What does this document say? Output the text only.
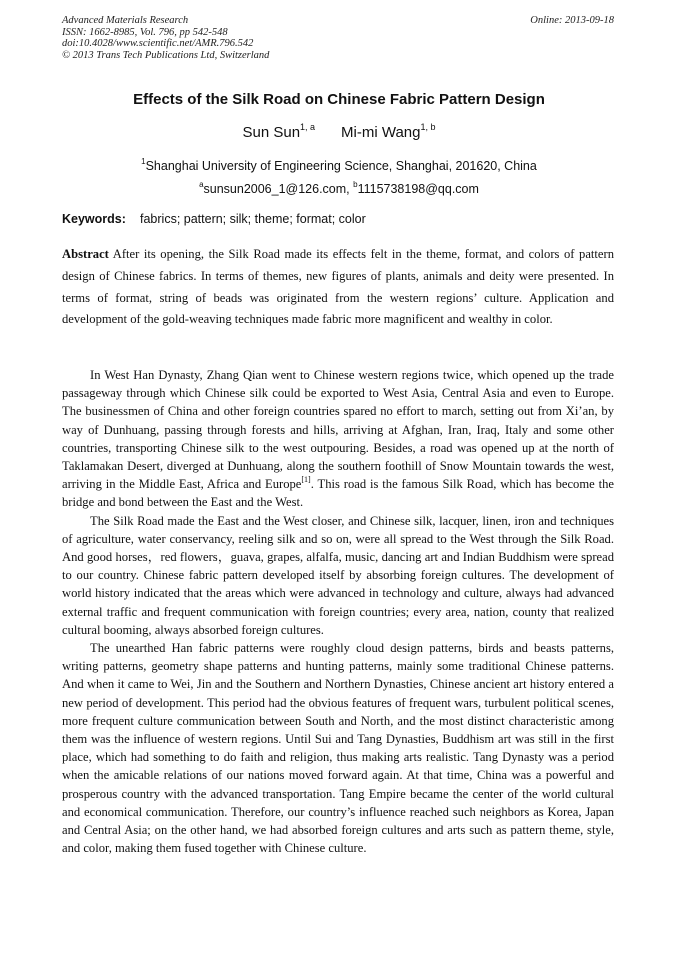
Advanced Materials Research
ISSN: 1662-8985, Vol. 796, pp 542-548
doi:10.4028/www.scientific.net/AMR.796.542
© 2013 Trans Tech Publications Ltd, Switzerland
Online: 2013-09-18
Effects of the Silk Road on Chinese Fabric Pattern Design
Sun Sun$^{1, a}$ Mi-mi Wang$^{1, b}$
$^1$Shanghai University of Engineering Science, Shanghai, 201620, China
$^a$sunsun2006_1@126.com, $^b$1115738198@qq.com
Keywords: fabrics; pattern; silk; theme; format; color
Abstract After its opening, the Silk Road made its effects felt in the theme, format, and colors of pattern design of Chinese fabrics. In terms of themes, new figures of plants, animals and deity were presented. In terms of format, string of beads was originated from the western regions’ culture. Application and development of the gold-weaving techniques made fabric more magnificent and wealthy in color.

In West Han Dynasty, Zhang Qian went to Chinese western regions twice, which opened up the trade passageway through which Chinese silk could be exported to West Asia, Central Asia and even to Europe. The businessmen of China and other foreign countries spared no effort to march, setting out from Xi’an, by way of Dunhuang, passing through forests and hills, arriving at Afghan, Iran, Iraq, Italy and some other countries, transporting Chinese silk to the west outpouring. Besides, a road was opened up at the north of Taklamakan Desert, diverged at Dunhuang, along the southern foothill of Snow Mountain towards the west, arriving in the Middle East, Africa and Europe[1]. This road is the famous Silk Road, which has become the bridge and bond between the East and the West.

The Silk Road made the East and the West closer, and Chinese silk, lacquer, linen, iron and techniques of agriculture, water conservancy, reeling silk and so on, were all spread to the West through the Silk Road. And good horses，red flowers，guava, grapes, alfalfa, music, dancing art and Indian Buddhism were spread to our country. Chinese fabric pattern developed itself by absorbing foreign cultures. The development of world history indicated that the areas which were advanced in technology and culture, always had advanced external traffic and frequent communication with foreign countries; every area, nation, county that realized cultural booming, always absorbed foreign cultures.

The unearthed Han fabric patterns were roughly cloud design patterns, birds and beasts patterns, writing patterns, geometry shape patterns and hunting patterns, mainly some traditional Chinese patterns. And when it came to Wei, Jin and the Southern and Northern Dynasties, Chinese ancient art history entered a new period of development. This period had the obvious features of frequent wars, turbulent political scenes, more frequent culture communication between South and North, and the most distinct characteristic among them was the influence of western regions. Until Sui and Tang Dynasties, Buddhism art was still in the first place, which had something to do faith and religion, thus making arts realistic. Tang Dynasty was a period when the amicable relations of our nations moved forward again. At that time, China was a powerful and prosperous country with the advanced transportation. Tang Empire became the center of the world cultural and economical communication. Therefore, our country’s influence reached such neighbors as Korea, Japan and Central Asia; on the other hand, we had absorbed foreign cultures and arts such as pattern theme, style, and color, making them fused together with Chinese culture.
